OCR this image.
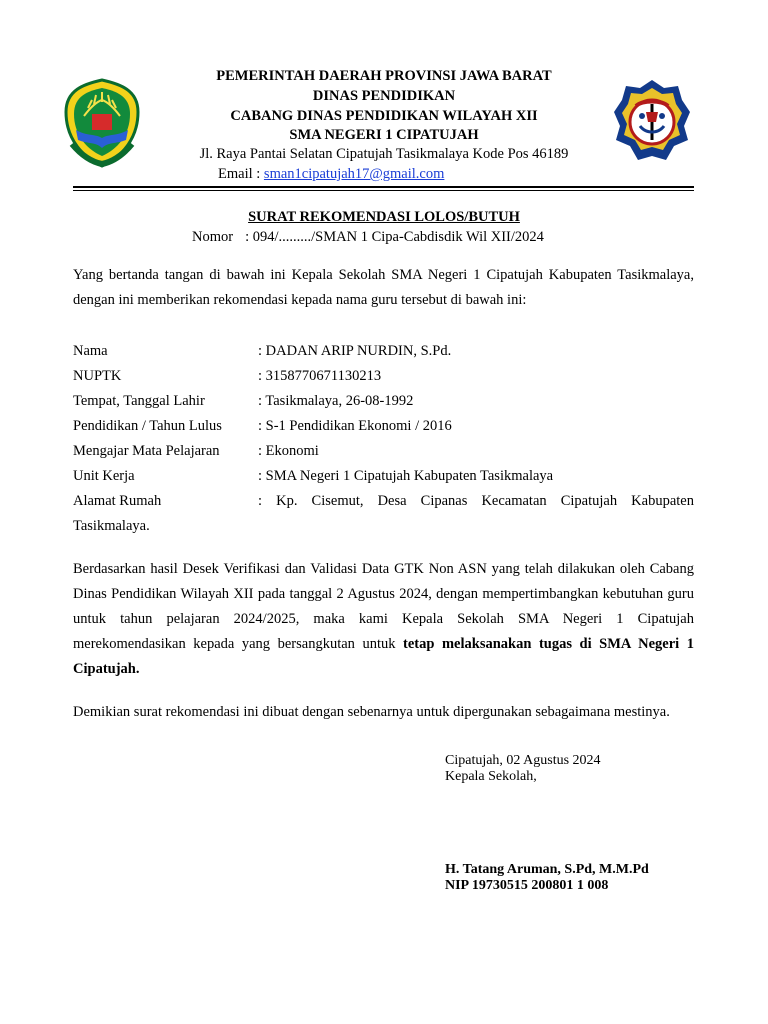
PEMERINTAH DAERAH PROVINSI JAWA BARAT
DINAS PENDIDIKAN
CABANG DINAS PENDIDIKAN WILAYAH XII
SMA NEGERI 1 CIPATUJAH
Jl. Raya Pantai Selatan Cipatujah Tasikmalaya Kode Pos 46189
Email : sman1cipatujah17@gmail.com
SURAT REKOMENDASI LOLOS/BUTUH
Nomor : 094/........./SMAN 1 Cipa-Cabdisdik Wil XII/2024
Yang bertanda tangan di bawah ini Kepala Sekolah SMA Negeri 1 Cipatujah Kabupaten Tasikmalaya, dengan ini memberikan rekomendasi kepada nama guru tersebut di bawah ini:
Nama	: DADAN ARIP NURDIN, S.Pd.
NUPTK	: 3158770671130213
Tempat, Tanggal Lahir	: Tasikmalaya, 26-08-1992
Pendidikan / Tahun Lulus : S-1 Pendidikan Ekonomi / 2016
Mengajar Mata Pelajaran	: Ekonomi
Unit Kerja	: SMA Negeri 1 Cipatujah Kabupaten Tasikmalaya
Alamat Rumah	: Kp. Cisemut, Desa Cipanas Kecamatan Cipatujah Kabupaten
Tasikmalaya.
Berdasarkan hasil Desek Verifikasi dan Validasi Data GTK Non ASN yang telah dilakukan oleh Cabang Dinas Pendidikan Wilayah XII pada tanggal 2 Agustus 2024, dengan mempertimbangkan kebutuhan guru untuk tahun pelajaran 2024/2025, maka kami Kepala Sekolah SMA Negeri 1 Cipatujah merekomendasikan kepada yang bersangkutan untuk tetap melaksanakan tugas di SMA Negeri 1 Cipatujah.
Demikian surat rekomendasi ini dibuat dengan sebenarnya untuk dipergunakan sebagaimana mestinya.
Cipatujah, 02 Agustus 2024
Kepala Sekolah,
H. Tatang Aruman, S.Pd, M.M.Pd
NIP 19730515 200801 1 008
